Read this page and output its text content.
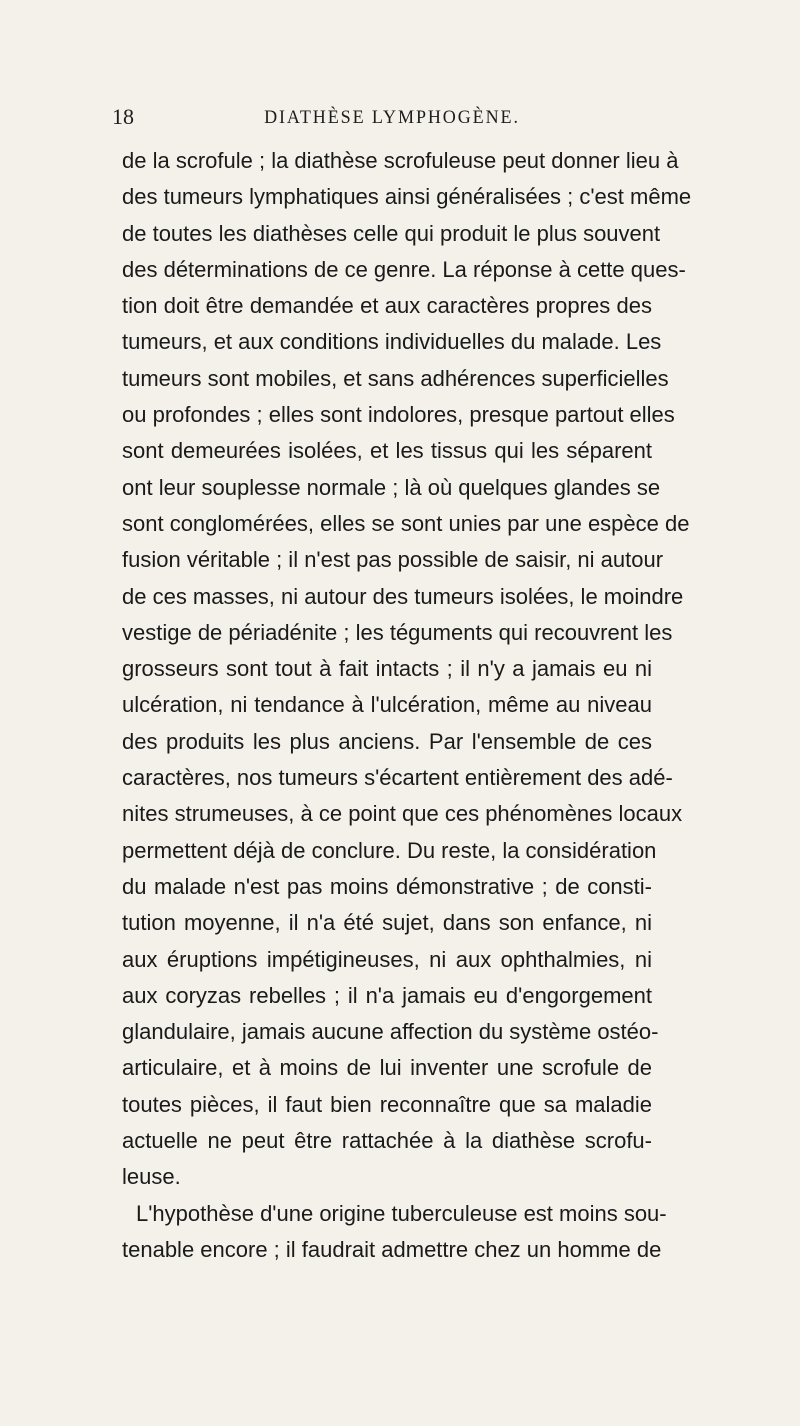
18	DIATHÈSE LYMPHOGÈNE.
de la scrofule ; la diathèse scrofuleuse peut donner lieu à
des tumeurs lymphatiques ainsi généralisées ; c'est même
de toutes les diathèses celle qui produit le plus souvent
des déterminations de ce genre. La réponse à cette ques-
tion doit être demandée et aux caractères propres des
tumeurs, et aux conditions individuelles du malade. Les
tumeurs sont mobiles, et sans adhérences superficielles
ou profondes ; elles sont indolores, presque partout elles
sont demeurées isolées, et les tissus qui les séparent
ont leur souplesse normale ; là où quelques glandes se
sont conglomérées, elles se sont unies par une espèce de
fusion véritable ; il n'est pas possible de saisir, ni autour
de ces masses, ni autour des tumeurs isolées, le moindre
vestige de périadénite ; les téguments qui recouvrent les
grosseurs sont tout à fait intacts ; il n'y a jamais eu ni
ulcération, ni tendance à l'ulcération, même au niveau
des produits les plus anciens. Par l'ensemble de ces
caractères, nos tumeurs s'écartent entièrement des adé-
nites strumeuses, à ce point que ces phénomènes locaux
permettent déjà de conclure. Du reste, la considération
du malade n'est pas moins démonstrative ; de consti-
tution moyenne, il n'a été sujet, dans son enfance, ni
aux éruptions impétigineuses, ni aux ophthalmies, ni
aux coryzas rebelles ; il n'a jamais eu d'engorgement
glandulaire, jamais aucune affection du système ostéo-
articulaire, et à moins de lui inventer une scrofule de
toutes pièces, il faut bien reconnaître que sa maladie
actuelle ne peut être rattachée à la diathèse scrofu-
leuse.
L'hypothèse d'une origine tuberculeuse est moins sou-
tenable encore ; il faudrait admettre chez un homme de
